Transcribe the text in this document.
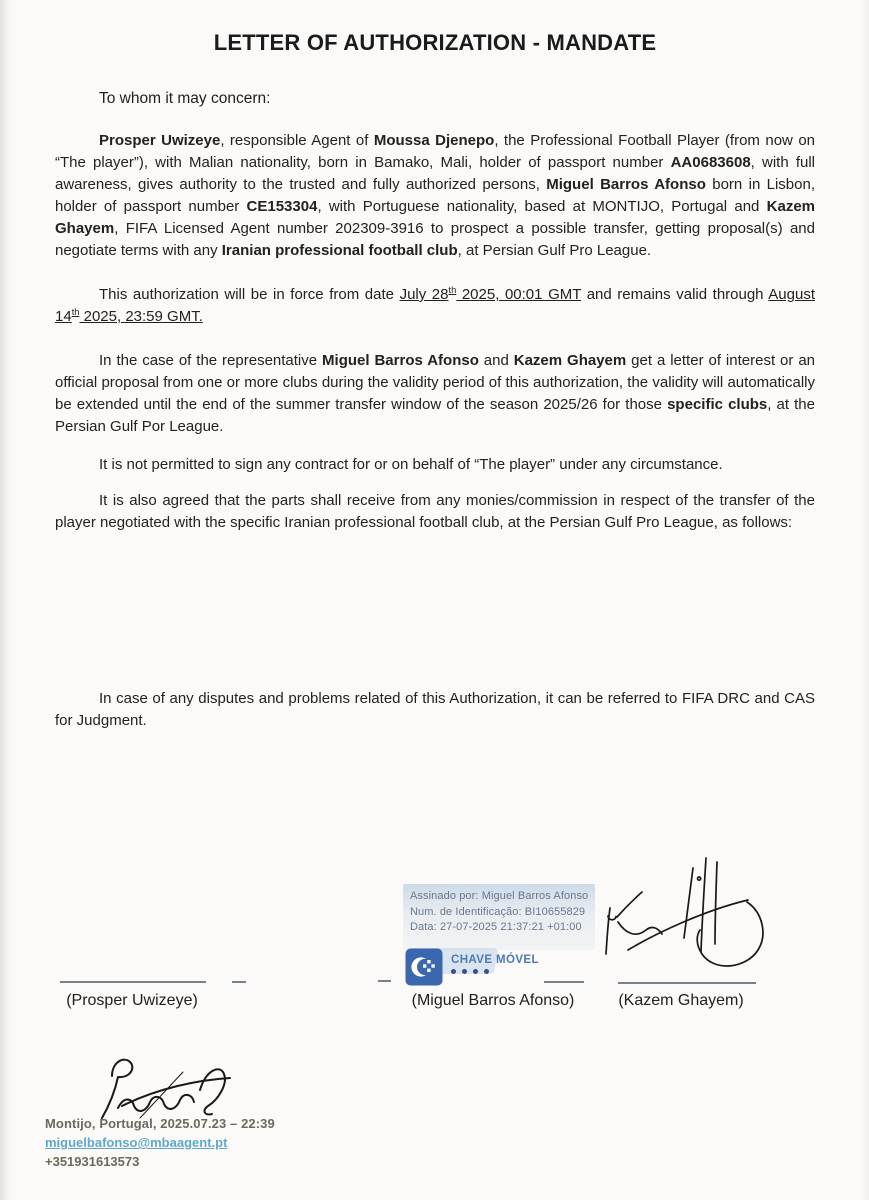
LETTER OF AUTHORIZATION - MANDATE

To whom it may concern:

Prosper Uwizeye, responsible Agent of Moussa Djenepo, the Professional Football Player (from now on “The player”), with Malian nationality, born in Bamako, Mali, holder of passport number AA0683608, with full awareness, gives authority to the trusted and fully authorized persons, Miguel Barros Afonso born in Lisbon, holder of passport number CE153304, with Portuguese nationality, based at MONTIJO, Portugal and Kazem Ghayem, FIFA Licensed Agent number 202309-3916 to prospect a possible transfer, getting proposal(s) and negotiate terms with any Iranian professional football club, at Persian Gulf Pro League.

This authorization will be in force from date July 28th 2025, 00:01 GMT and remains valid through August 14th 2025, 23:59 GMT.

In the case of the representative Miguel Barros Afonso and Kazem Ghayem get a letter of interest or an official proposal from one or more clubs during the validity period of this authorization, the validity will automatically be extended until the end of the summer transfer window of the season 2025/26 for those specific clubs, at the Persian Gulf Por League.

It is not permitted to sign any contract for or on behalf of “The player” under any circumstance.

It is also agreed that the parts shall receive from any monies/commission in respect of the transfer of the player negotiated with the specific Iranian professional football club, at the Persian Gulf Pro League, as follows:

In case of any disputes and problems related of this Authorization, it can be referred to FIFA DRC and CAS for Judgment.

Assinado por: Miguel Barros Afonso
Num. de Identificação: BI10655829
Data: 27-07-2025 21:37:21 +01:00
CHAVE MÓVEL
(Prosper Uwizeye)	(Miguel Barros Afonso)	(Kazem Ghayem)
Montijo, Portugal, 2025.07.23 – 22:39
miguelbafonso@mbaagent.pt
+351931613573
